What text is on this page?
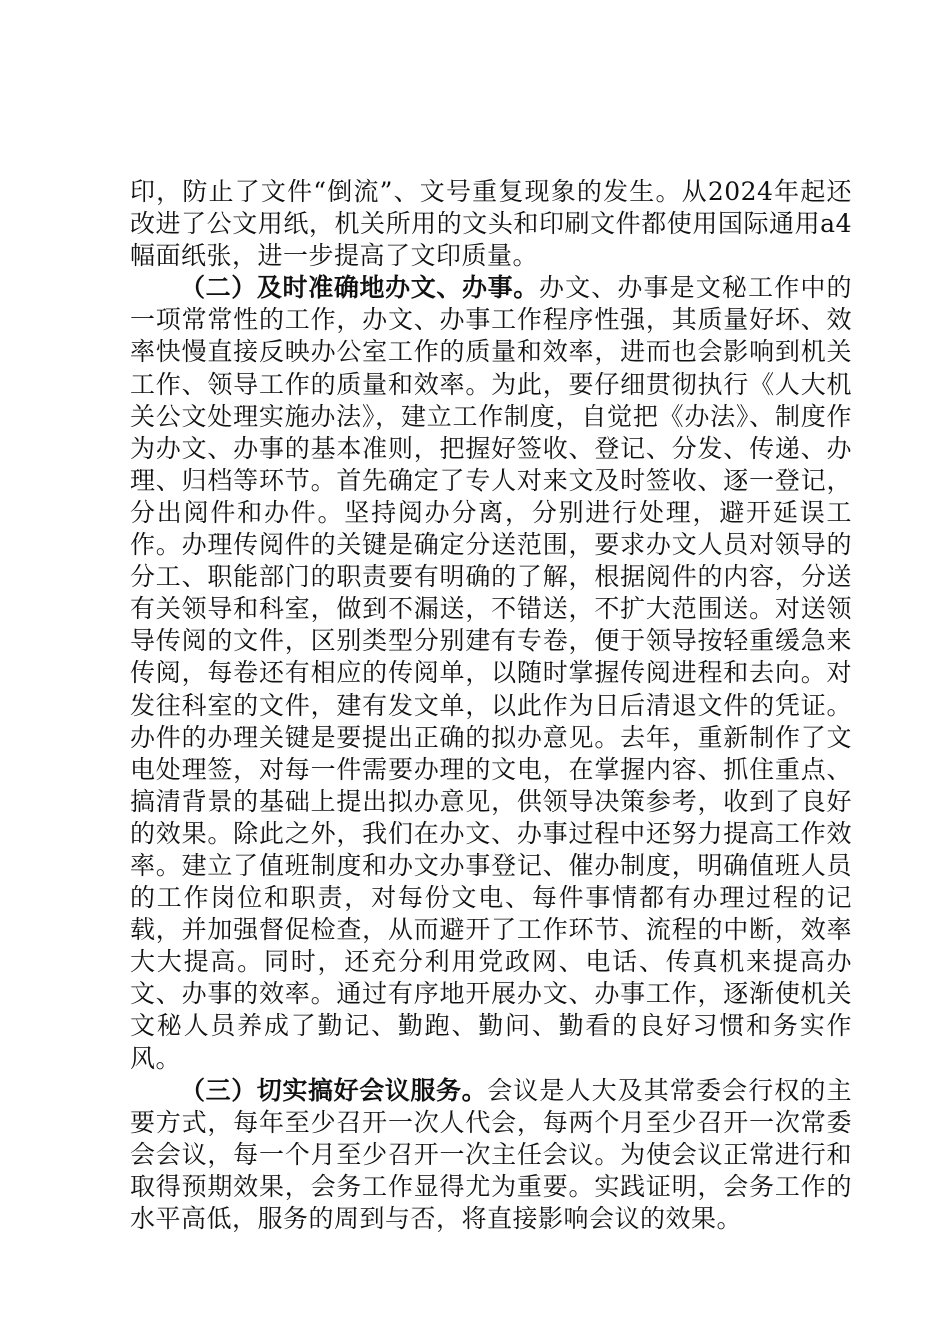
印，防止了文件“倒流”、文号重复现象的发生。从2024年起还改进了公文用纸，机关所用的文头和印刷文件都使用国际通用a4幅面纸张，进一步提高了文印质量。

（二）及时准确地办文、办事。办文、办事是文秘工作中的一项常常性的工作，办文、办事工作程序性强，其质量好坏、效率快慢直接反映办公室工作的质量和效率，进而也会影响到机关工作、领导工作的质量和效率。为此，要仔细贯彻执行《人大机关公文处理实施办法》，建立工作制度，自觉把《办法》、制度作为办文、办事的基本准则，把握好签收、登记、分发、传递、办理、归档等环节。首先确定了专人对来文及时签收、逐一登记，分出阅件和办件。坚持阅办分离，分别进行处理，避开延误工作。办理传阅件的关键是确定分送范围，要求办文人员对领导的分工、职能部门的职责要有明确的了解，根据阅件的内容，分送有关领导和科室，做到不漏送，不错送，不扩大范围送。对送领导传阅的文件，区别类型分别建有专卷，便于领导按轻重缓急来传阅，每卷还有相应的传阅单，以随时掌握传阅进程和去向。对发往科室的文件，建有发文单，以此作为日后清退文件的凭证。办件的办理关键是要提出正确的拟办意见。去年，重新制作了文电处理签，对每一件需要办理的文电，在掌握内容、抓住重点、搞清背景的基础上提出拟办意见，供领导决策参考，收到了良好的效果。除此之外，我们在办文、办事过程中还努力提高工作效率。建立了值班制度和办文办事登记、催办制度，明确值班人员的工作岗位和职责，对每份文电、每件事情都有办理过程的记载，并加强督促检查，从而避开了工作环节、流程的中断，效率大大提高。同时，还充分利用党政网、电话、传真机来提高办文、办事的效率。通过有序地开展办文、办事工作，逐渐使机关文秘人员养成了勤记、勤跑、勤问、勤看的良好习惯和务实作风。

（三）切实搞好会议服务。会议是人大及其常委会行权的主要方式，每年至少召开一次人代会，每两个月至少召开一次常委会会议，每一个月至少召开一次主任会议。为使会议正常进行和取得预期效果，会务工作显得尤为重要。实践证明，会务工作的水平高低，服务的周到与否，将直接影响会议的效果。
